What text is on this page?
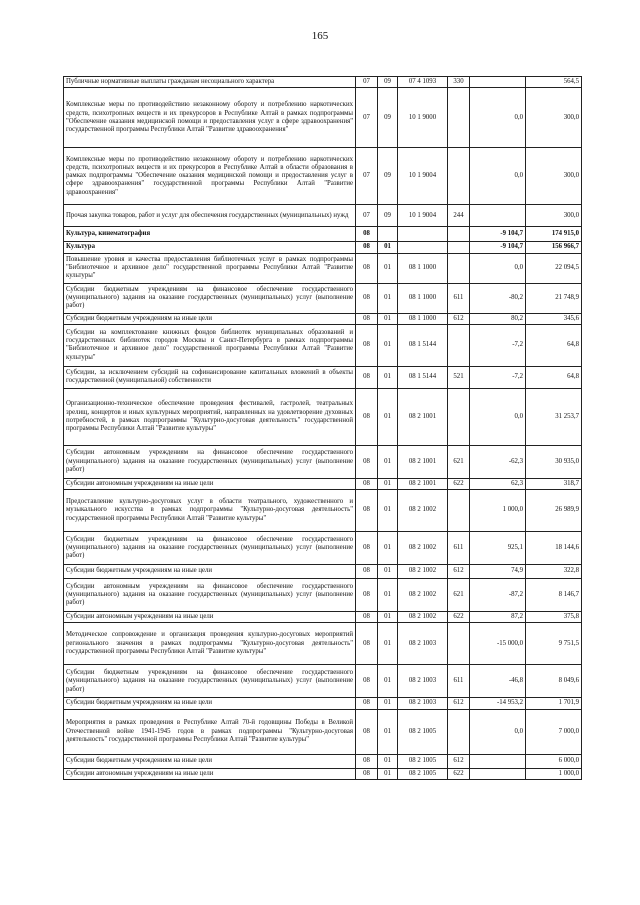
165
Публичные нормативные выплаты гражданам несоциального характера	07	09	07 4 1093	330		564,5
Комплексные меры по противодействию незаконному обороту и потреблению наркотических средств, психотропных веществ и их прекурсоров в Республике Алтай в рамках подпрограммы "Обеспечение оказания медицинской помощи и предоставления услуг в сфере здравоохранения" государственной программы Республики Алтай "Развитие здравоохранения"	07	09	10 1 9000		0,0	300,0
Комплексные меры по противодействию незаконному обороту и потреблению наркотических средств, психотропных веществ и их прекурсоров в Республике Алтай в области образования в рамках подпрограммы "Обеспечение оказания медицинской помощи и предоставления услуг в сфере здравоохранения" государственной программы Республики Алтай "Развитие здравоохранения"	07	09	10 1 9004		0,0	300,0
Прочая закупка товаров, работ и услуг для обеспечения государственных (муниципальных) нужд	07	09	10 1 9004	244		300,0
Культура, кинематография	08				-9 104,7	174 915,0
Культура	08	01			-9 104,7	156 966,7
Повышение уровня и качества предоставления библиотечных услуг в рамках подпрограммы "Библиотечное и архивное дело" государственной программы Республики Алтай "Развитие культуры"	08	01	08 1 1000		0,0	22 094,5
Субсидии бюджетным учреждениям на финансовое обеспечение государственного (муниципального) задания на оказание государственных (муниципальных) услуг (выполнение работ)	08	01	08 1 1000	611	-80,2	21 748,9
Субсидии бюджетным учреждениям на иные цели	08	01	08 1 1000	612	80,2	345,6
Субсидии на комплектование книжных фондов библиотек муниципальных образований и государственных библиотек городов Москвы и Санкт-Петербурга в рамках подпрограммы "Библиотечное и архивное дело" государственной программы Республики Алтай "Развитие культуры"	08	01	08 1 5144		-7,2	64,8
Субсидии, за исключением субсидий на софинансирование капитальных вложений в объекты государственной (муниципальной) собственности	08	01	08 1 5144	521	-7,2	64,8
Организационно-техническое обеспечение проведения фестивалей, гастролей, театральных зрелищ, концертов и иных культурных мероприятий, направленных на удовлетворение духовных потребностей, в рамках подпрограммы "Культурно-досуговая деятельность" государственной программы Республики Алтай "Развитие культуры"	08	01	08 2 1001		0,0	31 253,7
Субсидии автономным учреждениям на финансовое обеспечение государственного (муниципального) задания на оказание государственных (муниципальных) услуг (выполнение работ)	08	01	08 2 1001	621	-62,3	30 935,0
Субсидии автономным учреждениям на иные цели	08	01	08 2 1001	622	62,3	318,7
Предоставление культурно-досуговых услуг в области театрального, художественного и музыкального искусства в рамках подпрограммы "Культурно-досуговая деятельность" государственной программы Республики Алтай "Развитие культуры"	08	01	08 2 1002		1 000,0	26 989,9
Субсидии бюджетным учреждениям на финансовое обеспечение государственного (муниципального) задания на оказание государственных (муниципальных) услуг (выполнение работ)	08	01	08 2 1002	611	925,1	18 144,6
Субсидии бюджетным учреждениям на иные цели	08	01	08 2 1002	612	74,9	322,8
Субсидии автономным учреждениям на финансовое обеспечение государственного (муниципального) задания на оказание государственных (муниципальных) услуг (выполнение работ)	08	01	08 2 1002	621	-87,2	8 146,7
Субсидии автономным учреждениям на иные цели	08	01	08 2 1002	622	87,2	375,8
Методическое сопровождение и организация проведения культурно-досуговых мероприятий регионального значения в рамках подпрограммы "Культурно-досуговая деятельность" государственной программы Республики Алтай "Развитие культуры"	08	01	08 2 1003		-15 000,0	9 751,5
Субсидии бюджетным учреждениям на финансовое обеспечение государственного (муниципального) задания на оказание государственных (муниципальных) услуг (выполнение работ)	08	01	08 2 1003	611	-46,8	8 049,6
Субсидии бюджетным учреждениям на иные цели	08	01	08 2 1003	612	-14 953,2	1 701,9
Мероприятия в рамках проведения в Республике Алтай 70-й годовщины Победы в Великой Отечественной войне 1941-1945 годов в рамках подпрограммы "Культурно-досуговая деятельность" государственной программы Республики Алтай "Развитие культуры"	08	01	08 2 1005		0,0	7 000,0
Субсидии бюджетным учреждениям на иные цели	08	01	08 2 1005	612		6 000,0
Субсидии автономным учреждениям на иные цели	08	01	08 2 1005	622		1 000,0
